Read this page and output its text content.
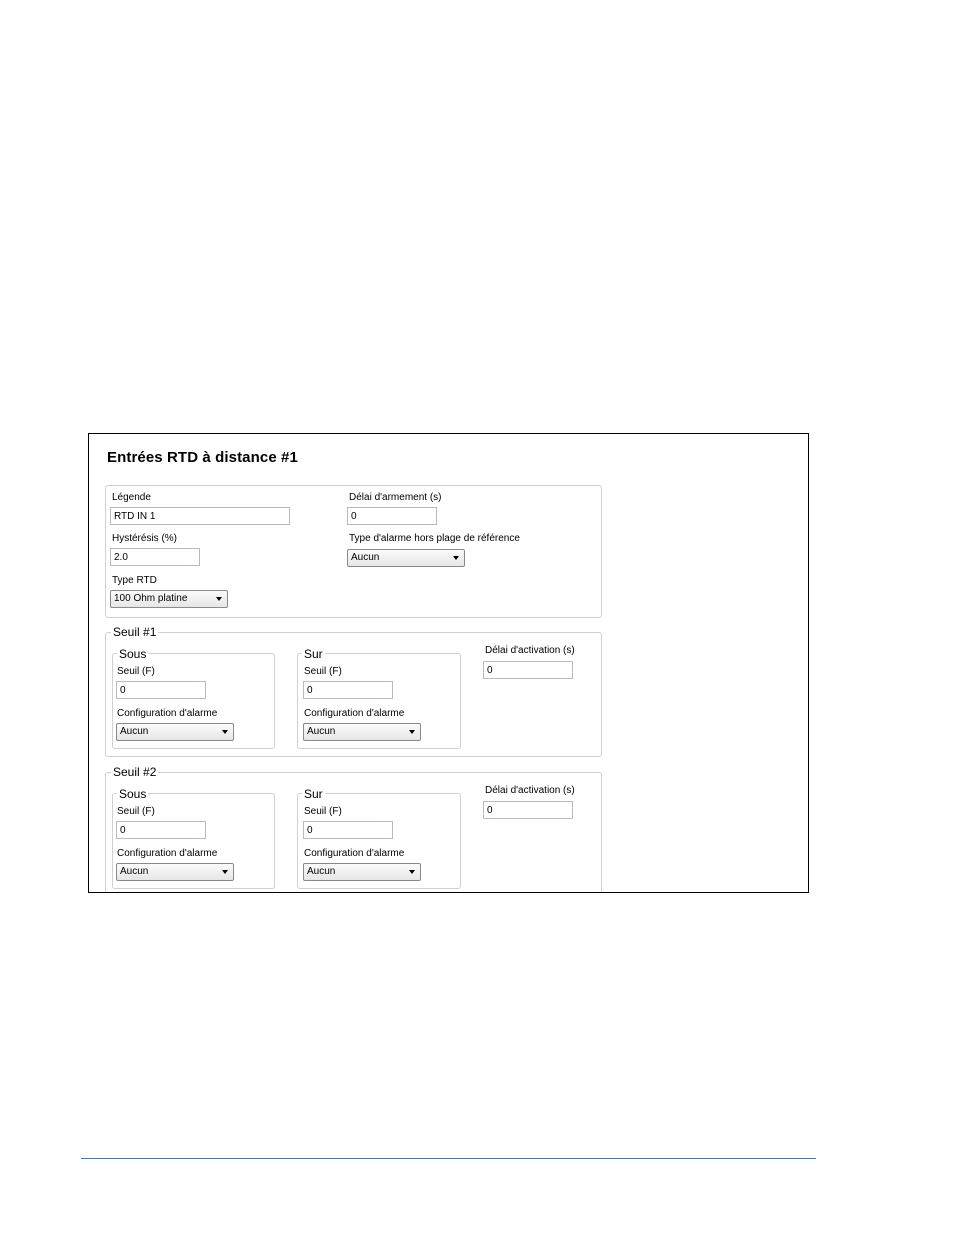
Entrées RTD à distance #1
Légende
RTD IN 1
Hystérésis (%)
2.0
Type RTD
100 Ohm platine
Délai d'armement (s)
0
Type d'alarme hors plage de référence
Aucun
Seuil #1
Sous
Seuil (F)
0
Configuration d'alarme
Aucun
Sur
Seuil (F)
0
Configuration d'alarme
Aucun
Délai d'activation (s)
0
Seuil #2
Sous
Seuil (F)
0
Configuration d'alarme
Aucun
Sur
Seuil (F)
0
Configuration d'alarme
Aucun
Délai d'activation (s)
0
